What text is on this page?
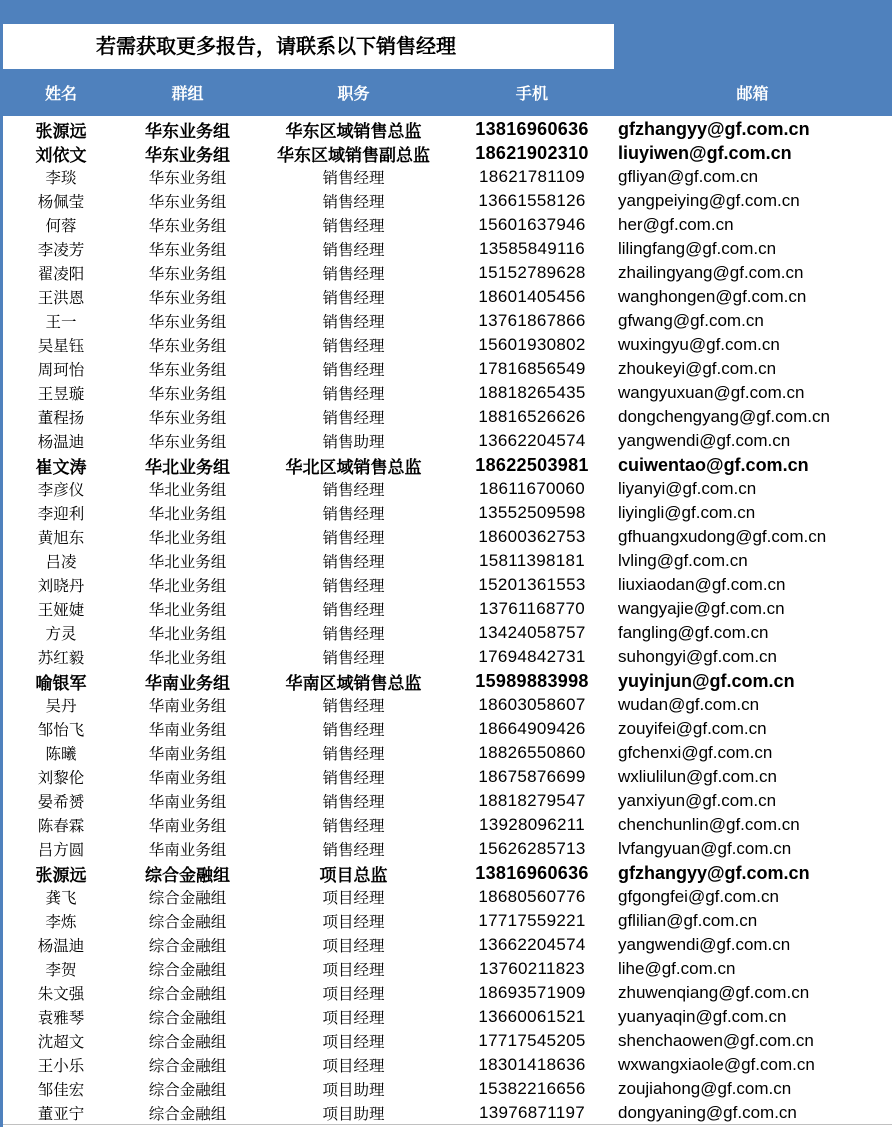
若需获取更多报告，请联系以下销售经理
姓名	群组	职务	手机	邮箱
张源远	华东业务组	华东区域销售总监	13816960636	gfzhangyy@gf.com.cn
刘依文	华东业务组	华东区域销售副总监	18621902310	liuyiwen@gf.com.cn
李琰	华东业务组	销售经理	18621781109	gfliyan@gf.com.cn
杨佩莹	华东业务组	销售经理	13661558126	yangpeiying@gf.com.cn
何蓉	华东业务组	销售经理	15601637946	her@gf.com.cn
李凌芳	华东业务组	销售经理	13585849116	lilingfang@gf.com.cn
翟凌阳	华东业务组	销售经理	15152789628	zhailingyang@gf.com.cn
王洪恩	华东业务组	销售经理	18601405456	wanghongen@gf.com.cn
王一	华东业务组	销售经理	13761867866	gfwang@gf.com.cn
吴星钰	华东业务组	销售经理	15601930802	wuxingyu@gf.com.cn
周珂怡	华东业务组	销售经理	17816856549	zhoukeyi@gf.com.cn
王昱璇	华东业务组	销售经理	18818265435	wangyuxuan@gf.com.cn
董程扬	华东业务组	销售经理	18816526626	dongchengyang@gf.com.cn
杨温迪	华东业务组	销售助理	13662204574	yangwendi@gf.com.cn
崔文涛	华北业务组	华北区域销售总监	18622503981	cuiwentao@gf.com.cn
李彦仪	华北业务组	销售经理	18611670060	liyanyi@gf.com.cn
李迎利	华北业务组	销售经理	13552509598	liyingli@gf.com.cn
黄旭东	华北业务组	销售经理	18600362753	gfhuangxudong@gf.com.cn
吕凌	华北业务组	销售经理	15811398181	lvling@gf.com.cn
刘晓丹	华北业务组	销售经理	15201361553	liuxiaodan@gf.com.cn
王娅婕	华北业务组	销售经理	13761168770	wangyajie@gf.com.cn
方灵	华北业务组	销售经理	13424058757	fangling@gf.com.cn
苏红毅	华北业务组	销售经理	17694842731	suhongyi@gf.com.cn
喻银军	华南业务组	华南区域销售总监	15989883998	yuyinjun@gf.com.cn
吴丹	华南业务组	销售经理	18603058607	wudan@gf.com.cn
邹怡飞	华南业务组	销售经理	18664909426	zouyifei@gf.com.cn
陈曦	华南业务组	销售经理	18826550860	gfchenxi@gf.com.cn
刘黎伦	华南业务组	销售经理	18675876699	wxliulilun@gf.com.cn
晏希赟	华南业务组	销售经理	18818279547	yanxiyun@gf.com.cn
陈春霖	华南业务组	销售经理	13928096211	chenchunlin@gf.com.cn
吕方圆	华南业务组	销售经理	15626285713	lvfangyuan@gf.com.cn
张源远	综合金融组	项目总监	13816960636	gfzhangyy@gf.com.cn
龚飞	综合金融组	项目经理	18680560776	gfgongfei@gf.com.cn
李炼	综合金融组	项目经理	17717559221	gflilian@gf.com.cn
杨温迪	综合金融组	项目经理	13662204574	yangwendi@gf.com.cn
李贺	综合金融组	项目经理	13760211823	lihe@gf.com.cn
朱文强	综合金融组	项目经理	18693571909	zhuwenqiang@gf.com.cn
袁雅琴	综合金融组	项目经理	13660061521	yuanyaqin@gf.com.cn
沈超文	综合金融组	项目经理	17717545205	shenchaowen@gf.com.cn
王小乐	综合金融组	项目经理	18301418636	wxwangxiaole@gf.com.cn
邹佳宏	综合金融组	项目助理	15382216656	zoujiahong@gf.com.cn
董亚宁	综合金融组	项目助理	13976871197	dongyaning@gf.com.cn
